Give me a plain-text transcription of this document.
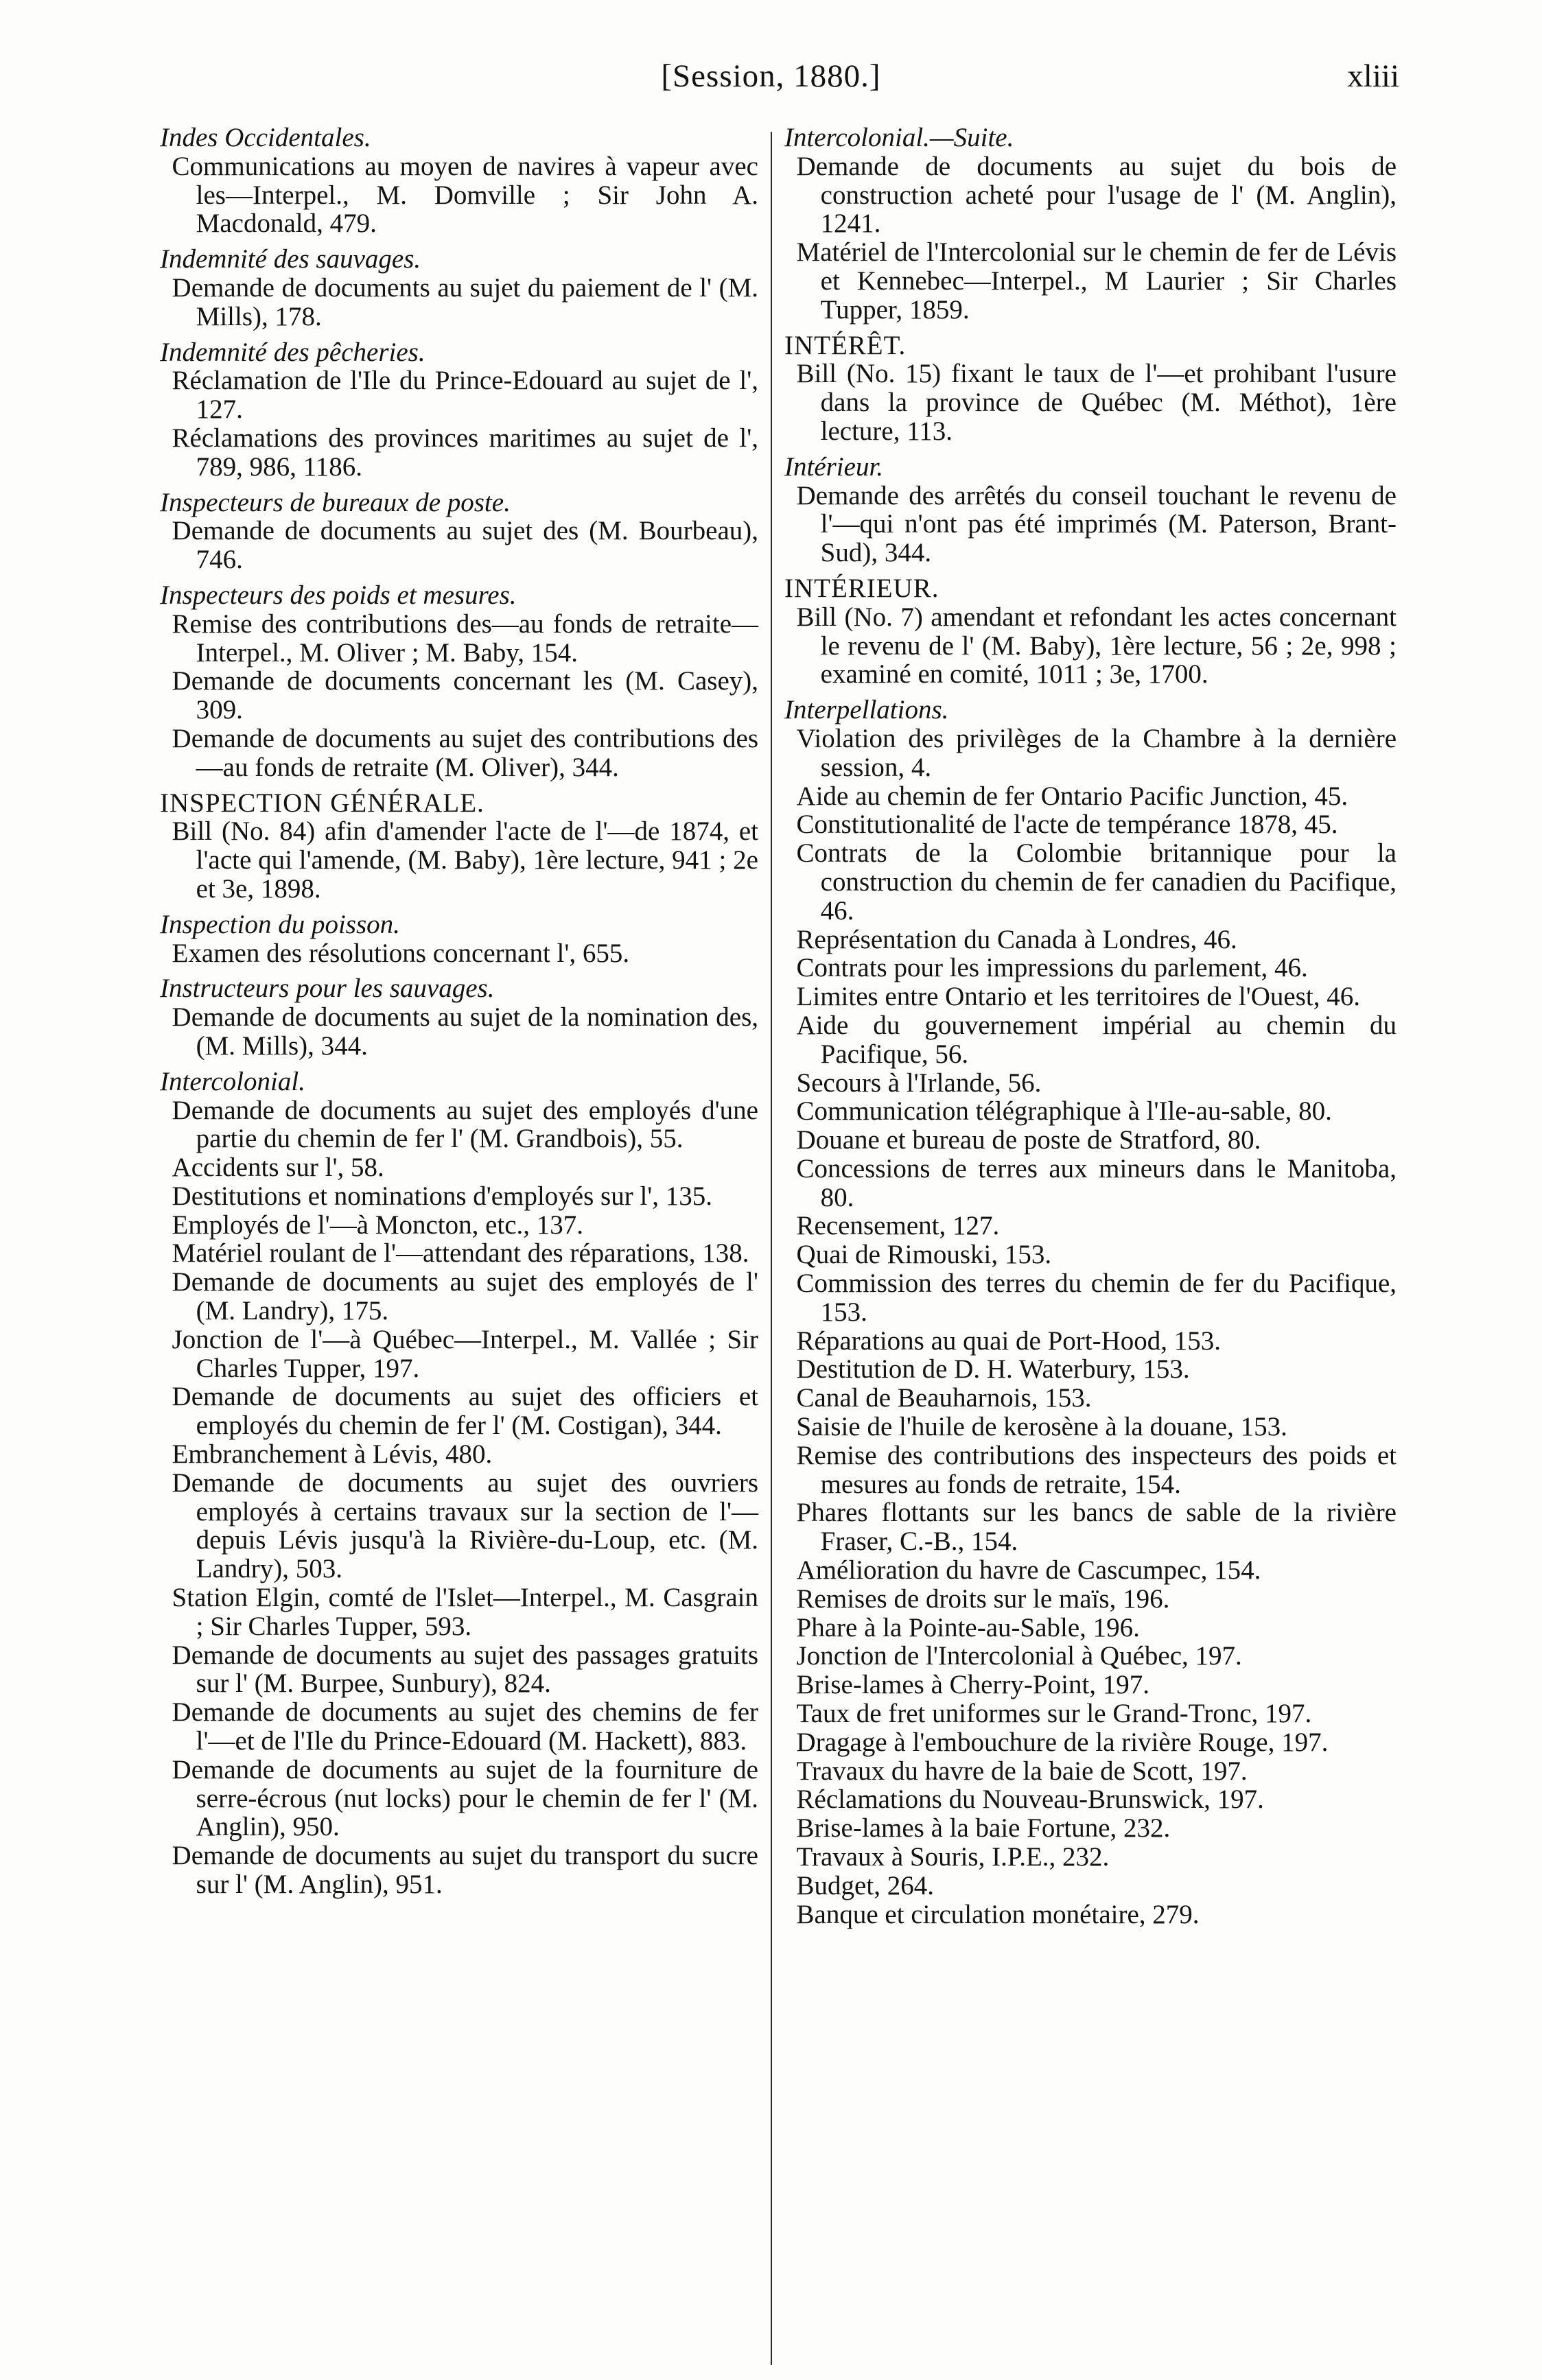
[Session, 1880.]	xliii

Indes Occidentales.

Communications au moyen de navires à vapeur avec les—Interpel., M. Domville ; Sir John A. Macdonald, 479.

Indemnité des sauvages.

Demande de documents au sujet du paiement de l' (M. Mills), 178.

Indemnité des pêcheries.

Réclamation de l'Ile du Prince-Edouard au sujet de l', 127.

Réclamations des provinces maritimes au sujet de l', 789, 986, 1186.

Inspecteurs de bureaux de poste.

Demande de documents au sujet des (M. Bourbeau), 746.

Inspecteurs des poids et mesures.

Remise des contributions des—au fonds de retraite—Interpel., M. Oliver ; M. Baby, 154.

Demande de documents concernant les (M. Casey), 309.

Demande de documents au sujet des contributions des—au fonds de retraite (M. Oliver), 344.

INSPECTION GÉNÉRALE.

Bill (No. 84) afin d'amender l'acte de l'—de 1874, et l'acte qui l'amende, (M. Baby), 1ère lecture, 941 ; 2e et 3e, 1898.

Inspection du poisson.

Examen des résolutions concernant l', 655.

Instructeurs pour les sauvages.

Demande de documents au sujet de la nomination des, (M. Mills), 344.

Intercolonial.

Demande de documents au sujet des employés d'une partie du chemin de fer l' (M. Grandbois), 55.

Accidents sur l', 58.

Destitutions et nominations d'employés sur l', 135.

Employés de l'—à Moncton, etc., 137.

Matériel roulant de l'—attendant des réparations, 138.

Demande de documents au sujet des employés de l' (M. Landry), 175.

Jonction de l'—à Québec—Interpel., M. Vallée ; Sir Charles Tupper, 197.

Demande de documents au sujet des officiers et employés du chemin de fer l' (M. Costigan), 344.

Embranchement à Lévis, 480.

Demande de documents au sujet des ouvriers employés à certains travaux sur la section de l'—depuis Lévis jusqu'à la Rivière-du-Loup, etc. (M. Landry), 503.

Station Elgin, comté de l'Islet—Interpel., M. Casgrain ; Sir Charles Tupper, 593.

Demande de documents au sujet des passages gratuits sur l' (M. Burpee, Sunbury), 824.

Demande de documents au sujet des chemins de fer l'—et de l'Ile du Prince-Edouard (M. Hackett), 883.

Demande de documents au sujet de la fourniture de serre-écrous (nut locks) pour le chemin de fer l' (M. Anglin), 950.

Demande de documents au sujet du transport du sucre sur l' (M. Anglin), 951.

Intercolonial.—Suite.

Demande de documents au sujet du bois de construction acheté pour l'usage de l' (M. Anglin), 1241.

Matériel de l'Intercolonial sur le chemin de fer de Lévis et Kennebec—Interpel., M Laurier ; Sir Charles Tupper, 1859.

INTÉRÊT.

Bill (No. 15) fixant le taux de l'—et prohibant l'usure dans la province de Québec (M. Méthot), 1ère lecture, 113.

Intérieur.

Demande des arrêtés du conseil touchant le revenu de l'—qui n'ont pas été imprimés (M. Paterson, Brant-Sud), 344.

INTÉRIEUR.

Bill (No. 7) amendant et refondant les actes concernant le revenu de l' (M. Baby), 1ère lecture, 56 ; 2e, 998 ; examiné en comité, 1011 ; 3e, 1700.

Interpellations.

Violation des privilèges de la Chambre à la dernière session, 4.

Aide au chemin de fer Ontario Pacific Junction, 45.

Constitutionalité de l'acte de tempérance 1878, 45.

Contrats de la Colombie britannique pour la construction du chemin de fer canadien du Pacifique, 46.

Représentation du Canada à Londres, 46.

Contrats pour les impressions du parlement, 46.

Limites entre Ontario et les territoires de l'Ouest, 46.

Aide du gouvernement impérial au chemin du Pacifique, 56.

Secours à l'Irlande, 56.

Communication télégraphique à l'Ile-au-sable, 80.

Douane et bureau de poste de Stratford, 80.

Concessions de terres aux mineurs dans le Manitoba, 80.

Recensement, 127.

Quai de Rimouski, 153.

Commission des terres du chemin de fer du Pacifique, 153.

Réparations au quai de Port-Hood, 153.

Destitution de D. H. Waterbury, 153.

Canal de Beauharnois, 153.

Saisie de l'huile de kerosène à la douane, 153.

Remise des contributions des inspecteurs des poids et mesures au fonds de retraite, 154.

Phares flottants sur les bancs de sable de la rivière Fraser, C.-B., 154.

Amélioration du havre de Cascumpec, 154.

Remises de droits sur le maïs, 196.

Phare à la Pointe-au-Sable, 196.

Jonction de l'Intercolonial à Québec, 197.

Brise-lames à Cherry-Point, 197.

Taux de fret uniformes sur le Grand-Tronc, 197.

Dragage à l'embouchure de la rivière Rouge, 197.

Travaux du havre de la baie de Scott, 197.

Réclamations du Nouveau-Brunswick, 197.

Brise-lames à la baie Fortune, 232.

Travaux à Souris, I.P.E., 232.

Budget, 264.

Banque et circulation monétaire, 279.
